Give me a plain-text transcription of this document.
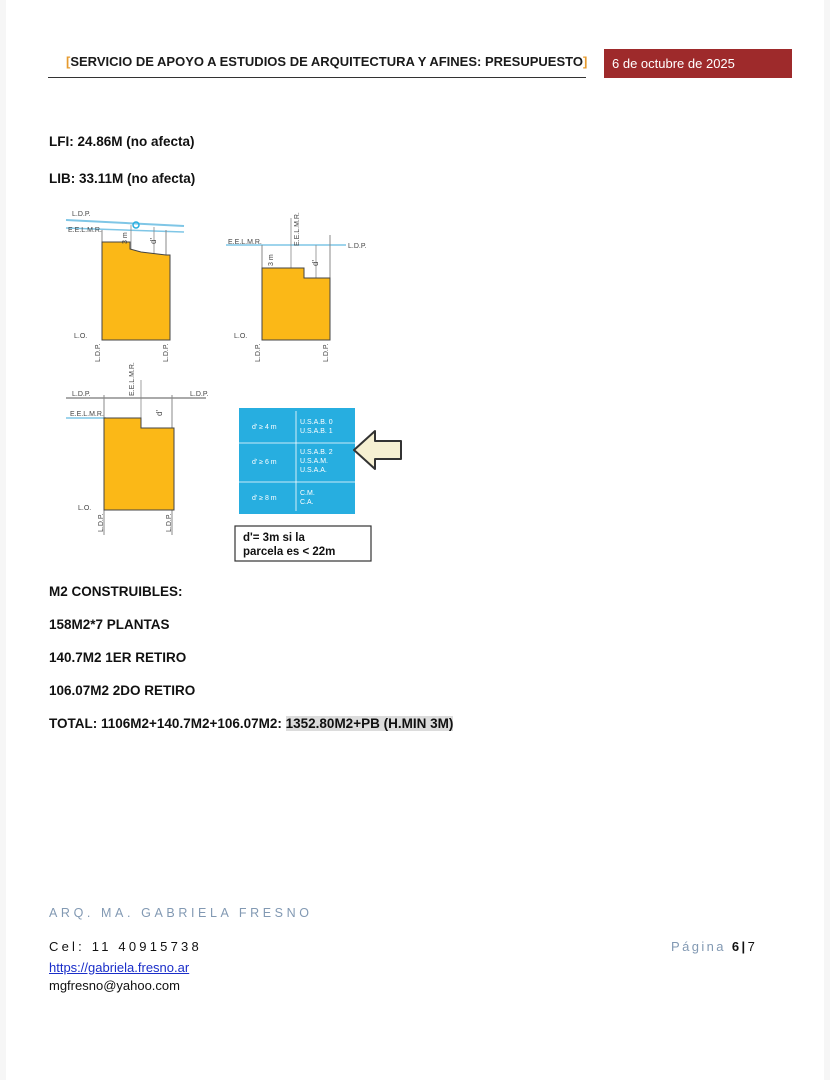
[SERVICIO DE APOYO A ESTUDIOS DE ARQUITECTURA Y AFINES: PRESUPUESTO]	6 de octubre de 2025
LFI: 24.86M (no afecta)
LIB: 33.11M (no afecta)
L.D.P.
E.E.L.M.R.
L.O.
3 m	d'
L.D.P.	L.D.P.
E.E.L.M.R.
L.D.P.
E.E.L.M.R.
L.O.
3 m	d'
L.D.P.	L.D.P.
L.D.P.	L.D.P.
E.E.L.M.R.
E.E.L.M.R.
d'
L.O.
L.D.P.	L.D.P.
d' ≥ 4 m
U.S.A.B. 0
U.S.A.B. 1
d' ≥ 6 m
U.S.A.B. 2
U.S.A.M.
U.S.A.A.
d' ≥ 8 m
C.M.
C.A.
d'= 3m si la
parcela es < 22m
M2 CONSTRUIBLES:
158M2*7 PLANTAS
140.7M2 1ER RETIRO
106.07M2 2DO RETIRO
TOTAL: 1106M2+140.7M2+106.07M2: 1352.80M2+PB (H.MIN 3M)
ARQ. MA. GABRIELA FRESNO
Cel: 11 40915738	Página 6|7
https://gabriela.fresno.ar
mgfresno@yahoo.com
